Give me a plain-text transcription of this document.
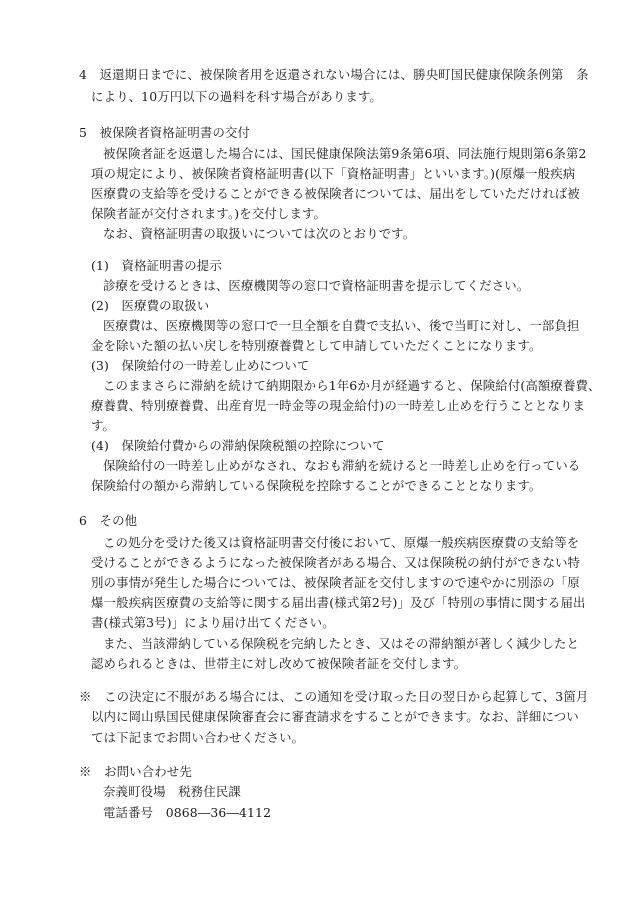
4　返還期日までに、被保険者用を返還されない場合には、勝央町国民健康保険条例第　条
により、10万円以下の過料を科す場合があります。
5　被保険者資格証明書の交付
被保険者証を返還した場合には、国民健康保険法第9条第6項、同法施行規則第6条第2
項の規定により、被保険者資格証明書(以下「資格証明書」といいます。)(原爆一般疾病
医療費の支給等を受けることができる被保険者については、届出をしていただければ被
保険者証が交付されます。)を交付します。
なお、資格証明書の取扱いについては次のとおりです。
(1)　資格証明書の提示
診療を受けるときは、医療機関等の窓口で資格証明書を提示してください。
(2)　医療費の取扱い
医療費は、医療機関等の窓口で一旦全額を自費で支払い、後で当町に対し、一部負担
金を除いた額の払い戻しを特別療養費として申請していただくことになります。
(3)　保険給付の一時差し止めについて
このままさらに滞納を続けて納期限から1年6か月が経過すると、保険給付(高額療養費、
療養費、特別療養費、出産育児一時金等の現金給付)の一時差し止めを行うこととなりま
す。
(4)　保険給付費からの滞納保険税額の控除について
保険給付の一時差し止めがなされ、なおも滞納を続けると一時差し止めを行っている
保険給付の額から滞納している保険税を控除することができることとなります。
6　その他
この処分を受けた後又は資格証明書交付後において、原爆一般疾病医療費の支給等を
受けることができるようになった被保険者がある場合、又は保険税の納付ができない特
別の事情が発生した場合については、被保険者証を交付しますので速やかに別添の「原
爆一般疾病医療費の支給等に関する届出書(様式第2号)」及び「特別の事情に関する届出
書(様式第3号)」により届け出てください。
また、当該滞納している保険税を完納したとき、又はその滞納額が著しく減少したと
認められるときは、世帯主に対し改めて被保険者証を交付します。
※　この決定に不服がある場合には、この通知を受け取った日の翌日から起算して、3箇月
以内に岡山県国民健康保険審査会に審査請求をすることができます。なお、詳細につい
ては下記までお問い合わせください。
※　お問い合わせ先
奈義町役場　税務住民課
電話番号　0868―36―4112
